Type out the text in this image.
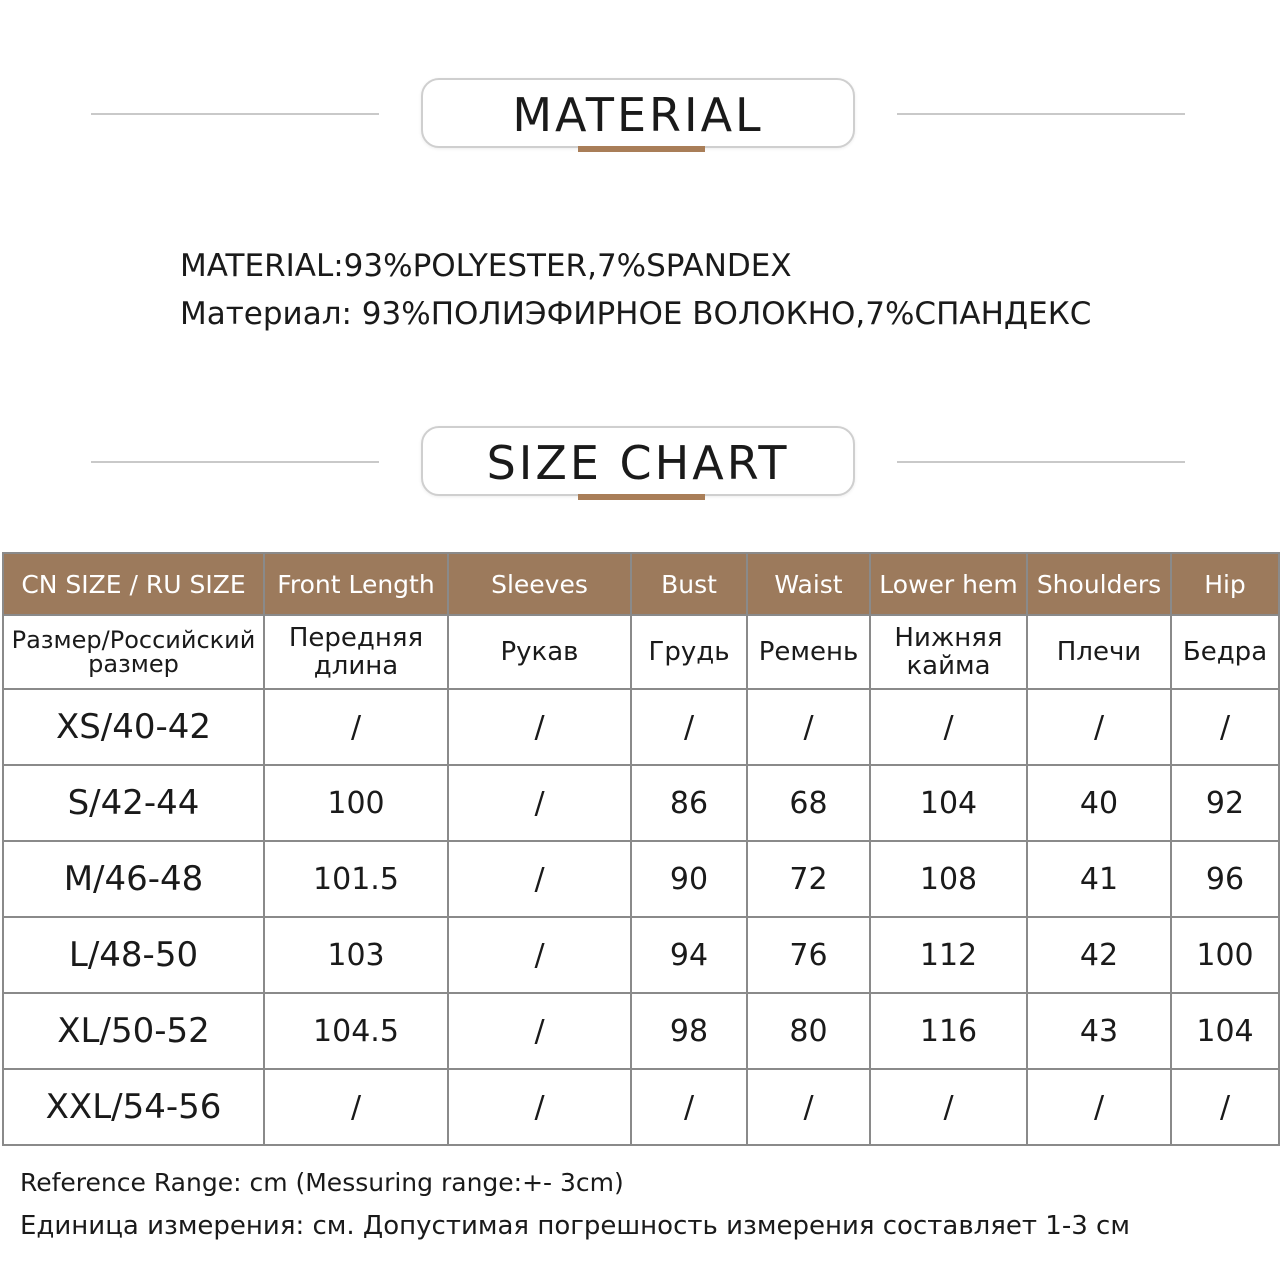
MATERIAL
MATERIAL:93%POLYESTER,7%SPANDEX
Материал: 93%ПОЛИЭФИРНОЕ ВОЛОКНО,7%СПАНДЕКС
SIZE CHART
CN SIZE / RU SIZE	Front Length	Sleeves	Bust	Waist	Lower hem	Shoulders	Hip
Размер/Российский размер	Передняя длина	Рукав	Грудь	Ремень	Нижняя кайма	Плечи	Бедра
XS/40-42	/	/	/	/	/	/	/
S/42-44	100	/	86	68	104	40	92
M/46-48	101.5	/	90	72	108	41	96
L/48-50	103	/	94	76	112	42	100
XL/50-52	104.5	/	98	80	116	43	104
XXL/54-56	/	/	/	/	/	/	/
Reference Range: cm (Messuring range:+- 3cm)
Единица измерения: см. Допустимая погрешность измерения составляет 1-3 см
